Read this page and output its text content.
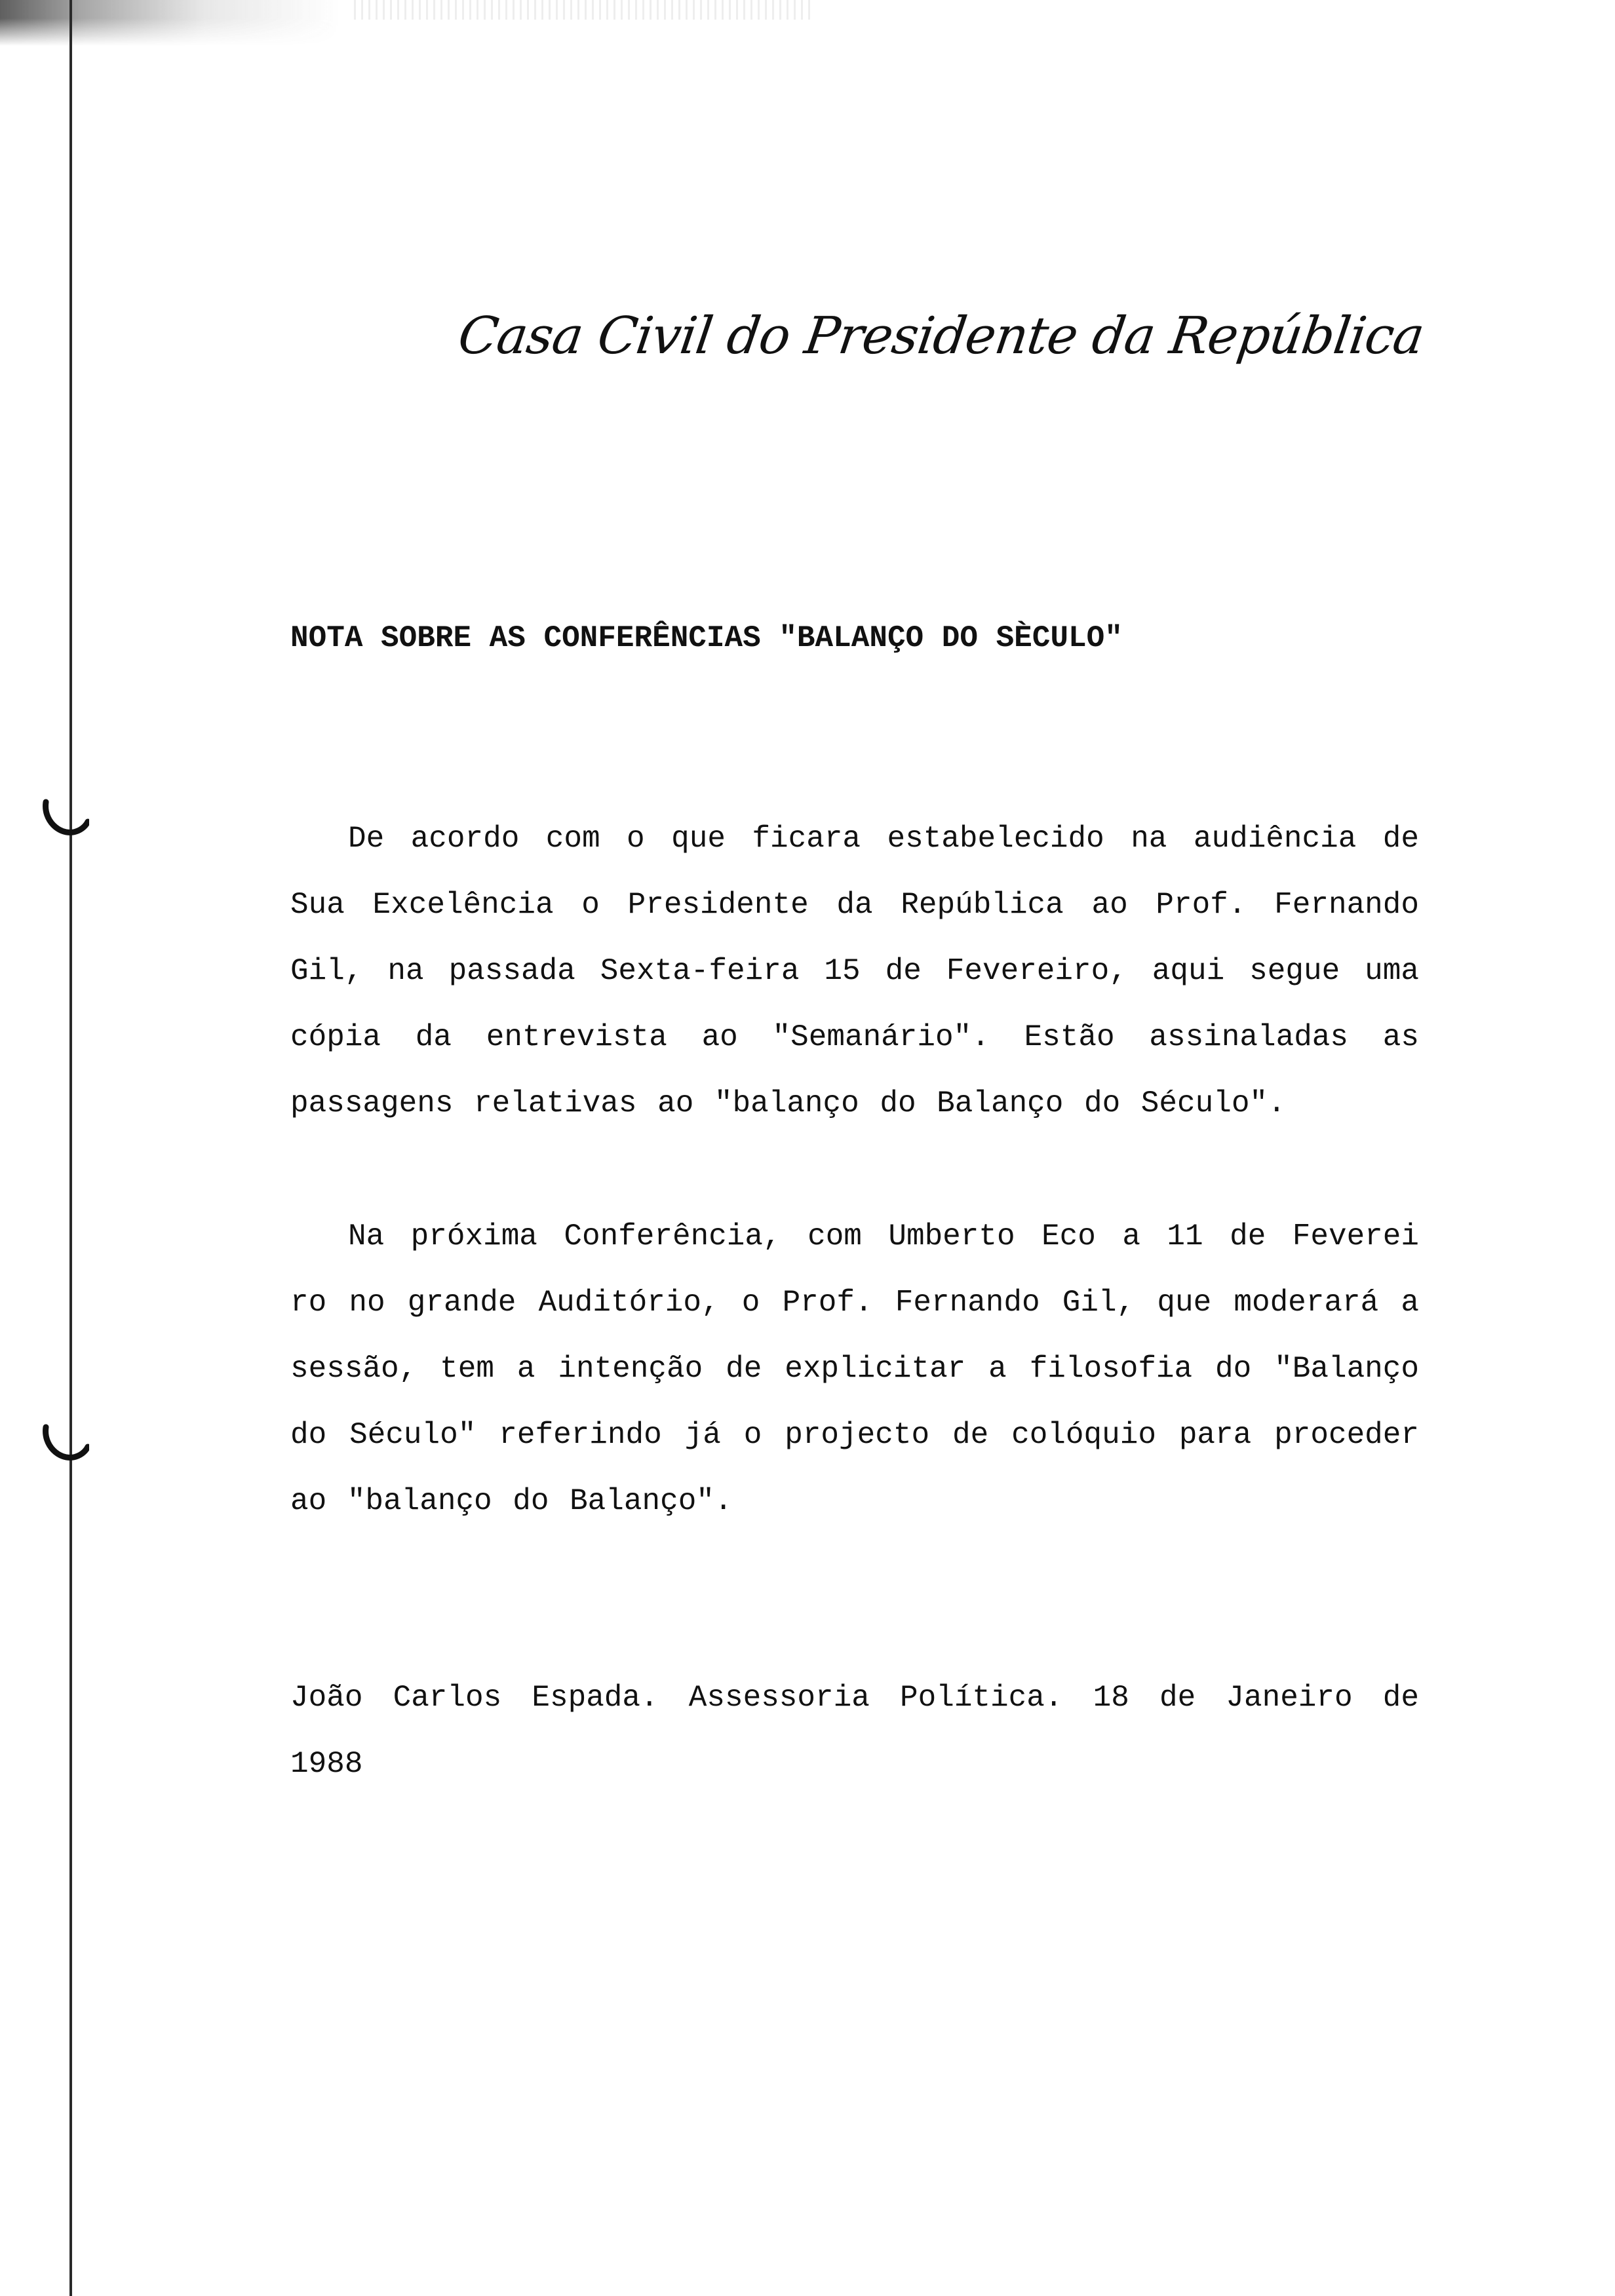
Casa Civil do Presidente da República
NOTA SOBRE AS CONFERÊNCIAS "BALANÇO DO SÈCULO"
De acordo com o que ficara estabelecido na audiência de Sua Excelência o Presidente da República ao Prof. Fernando Gil, na passada Sexta-feira 15 de Fevereiro, aqui segue uma cópia da entrevista ao "Semanário". Estão assinaladas as passagens relativas ao "balanço do Balanço do Século".
Na próxima Conferência, com Umberto Eco a 11 de Feverei ro no grande Auditório, o Prof. Fernando Gil, que moderará a sessão, tem a intenção de explicitar a filosofia do "Balanço do Século" referindo já o projecto de colóquio para proceder ao "balanço do Balanço".
João Carlos Espada. Assessoria Política. 18 de Janeiro de 1988
